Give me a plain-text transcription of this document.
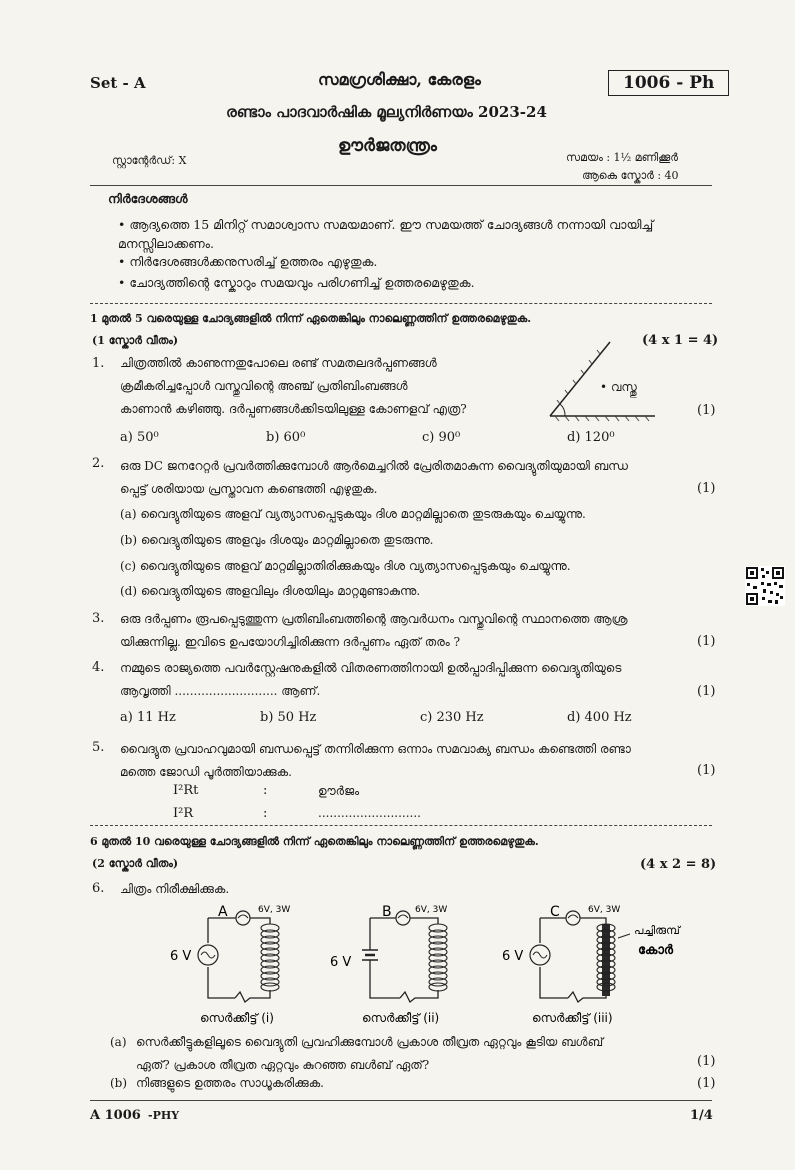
Set - A	സമഗ്രശിക്ഷാ, കേരളം	1006 - Ph
രണ്ടാം പാദവാർഷിക മൂല്യനിർണയം 2023-24
ഊർജതന്ത്രം
സ്റ്റാന്റേർഡ്: X	സമയം : 1½ മണിക്കൂർ
ആകെ സ്കോർ : 40
നിർദേശങ്ങൾ
• ആദ്യത്തെ 15 മിനിറ്റ് സമാശ്വാസ സമയമാണ്. ഈ സമയത്ത് ചോദ്യങ്ങൾ നന്നായി വായിച്ച് മനസ്സിലാക്കണം.
• നിർദേശങ്ങൾക്കനുസരിച്ച് ഉത്തരം എഴുതുക.
• ചോദ്യത്തിന്റെ സ്കോറും സമയവും പരിഗണിച്ച് ഉത്തരമെഴുതുക.
1 മുതൽ 5 വരെയുള്ള ചോദ്യങ്ങളിൽ നിന്ന് ഏതെങ്കിലും നാലെണ്ണത്തിന് ഉത്തരമെഴുതുക.
(1 സ്കോർ വീതം)	(4 x 1 = 4)
1. ചിത്രത്തിൽ കാണുന്നതുപോലെ രണ്ട് സമതലദർപ്പണങ്ങൾ
ക്രമീകരിച്ചപ്പോൾ വസ്തുവിന്റെ അഞ്ച് പ്രതിബിംബങ്ങൾ
കാണാൻ കഴിഞ്ഞു. ദർപ്പണങ്ങൾക്കിടയിലുള്ള കോണളവ് എത്ര?
• വസ്തു
(1)
a) 50⁰	b) 60⁰	c) 90⁰	d) 120⁰
2. ഒരു DC ജനറേറ്റർ പ്രവർത്തിക്കുമ്പോൾ ആർമെച്ചറിൽ പ്രേരിതമാകുന്ന വൈദ്യുതിയുമായി ബന്ധ
പ്പെട്ട് ശരിയായ പ്രസ്താവന കണ്ടെത്തി എഴുതുക.	(1)
(a) വൈദ്യുതിയുടെ അളവ് വ്യത്യാസപ്പെടുകയും ദിശ മാറ്റമില്ലാതെ തുടരുകയും ചെയ്യുന്നു.
(b) വൈദ്യുതിയുടെ അളവും ദിശയും മാറ്റമില്ലാതെ തുടരുന്നു.
(c) വൈദ്യുതിയുടെ അളവ് മാറ്റമില്ലാതിരിക്കുകയും ദിശ വ്യത്യാസപ്പെടുകയും ചെയ്യുന്നു.
(d) വൈദ്യുതിയുടെ അളവിലും ദിശയിലും മാറ്റമുണ്ടാകുന്നു.
3. ഒരു ദർപ്പണം രൂപപ്പെടുത്തുന്ന പ്രതിബിംബത്തിന്റെ ആവർധനം വസ്തുവിന്റെ സ്ഥാനത്തെ ആശ്ര
യിക്കുന്നില്ല. ഇവിടെ ഉപയോഗിച്ചിരിക്കുന്ന ദർപ്പണം ഏത് തരം ?	(1)
4. നമ്മുടെ രാജ്യത്തെ പവർസ്റ്റേഷനുകളിൽ വിതരണത്തിനായി ഉൽപ്പാദിപ്പിക്കുന്ന വൈദ്യുതിയുടെ
ആവൃത്തി ........................... ആണ്.	(1)
a) 11 Hz	b) 50 Hz	c) 230 Hz	d) 400 Hz
5. വൈദ്യുത പ്രവാഹവുമായി ബന്ധപ്പെട്ട് തന്നിരിക്കുന്ന ഒന്നാം സമവാക്യ ബന്ധം കണ്ടെത്തി രണ്ടാ
മത്തെ ജോഡി പൂർത്തിയാക്കുക.	(1)
I²Rt	:	ഊർജം
I²R	:	...........................
6 മുതൽ 10 വരെയുള്ള ചോദ്യങ്ങളിൽ നിന്ന് ഏതെങ്കിലും നാലെണ്ണത്തിന് ഉത്തരമെഴുതുക.
(2 സ്കോർ വീതം)	(4 x 2 = 8)
6. ചിത്രം നിരീക്ഷിക്കുക.
A	6V, 3W
6 V
സെർക്കീട്ട് (i)
B	6V, 3W
6 V
സെർക്കീട്ട് (ii)
C	6V, 3W
6 V
പച്ചിരുമ്പ്
കോർ
സെർക്കീട്ട് (iii)
(a) സെർക്കീട്ടുകളിലൂടെ വൈദ്യുതി പ്രവഹിക്കുമ്പോൾ പ്രകാശ തീവ്രത ഏറ്റവും കൂടിയ ബൾബ്
ഏത്? പ്രകാശ തീവ്രത ഏറ്റവും കുറഞ്ഞ ബൾബ് ഏത്?	(1)
(b) നിങ്ങളുടെ ഉത്തരം സാധൂകരിക്കുക.	(1)
A 1006 -PHY	1/4
